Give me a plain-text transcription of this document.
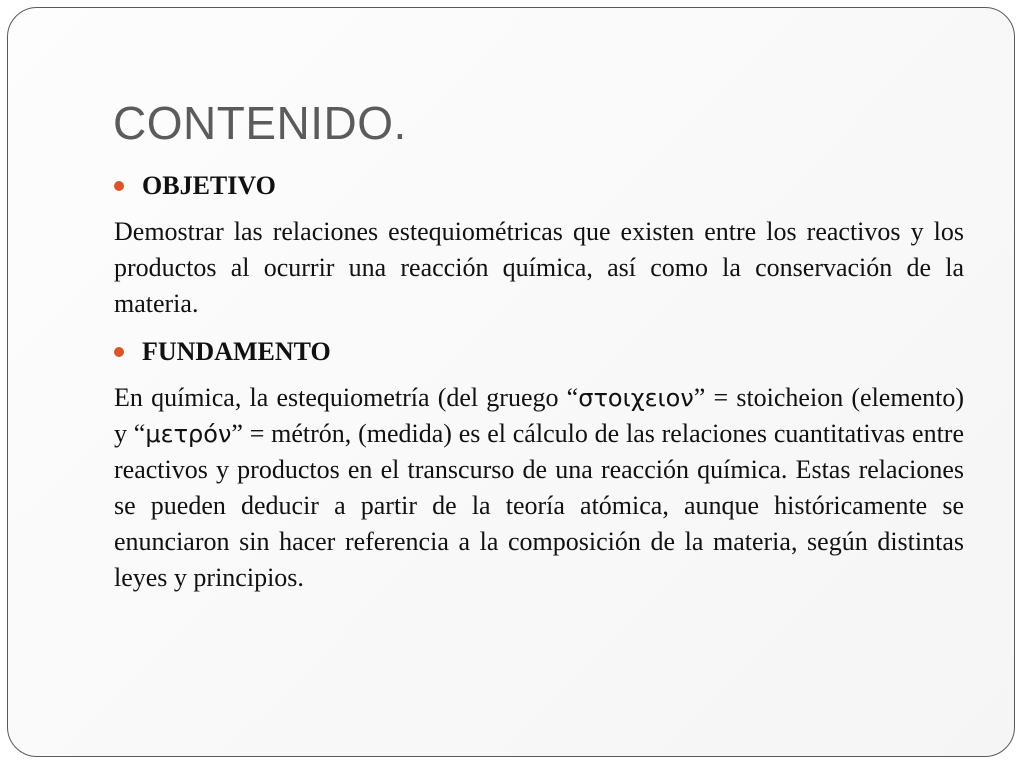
CONTENIDO.
OBJETIVO

Demostrar las relaciones estequiométricas que existen entre los reactivos y los productos al ocurrir una reacción química, así como la conservación de la materia.

FUNDAMENTO

En química, la estequiometría (del gruego “στοιχειον” = stoicheion (elemento) y “μετρόν” = métrón, (medida) es el cálculo de las relaciones cuantitativas entre reactivos y productos en el transcurso de una reacción química. Estas relaciones se pueden deducir a partir de la teoría atómica, aunque históricamente se enunciaron sin hacer referencia a la composición de la materia, según distintas leyes y principios.
